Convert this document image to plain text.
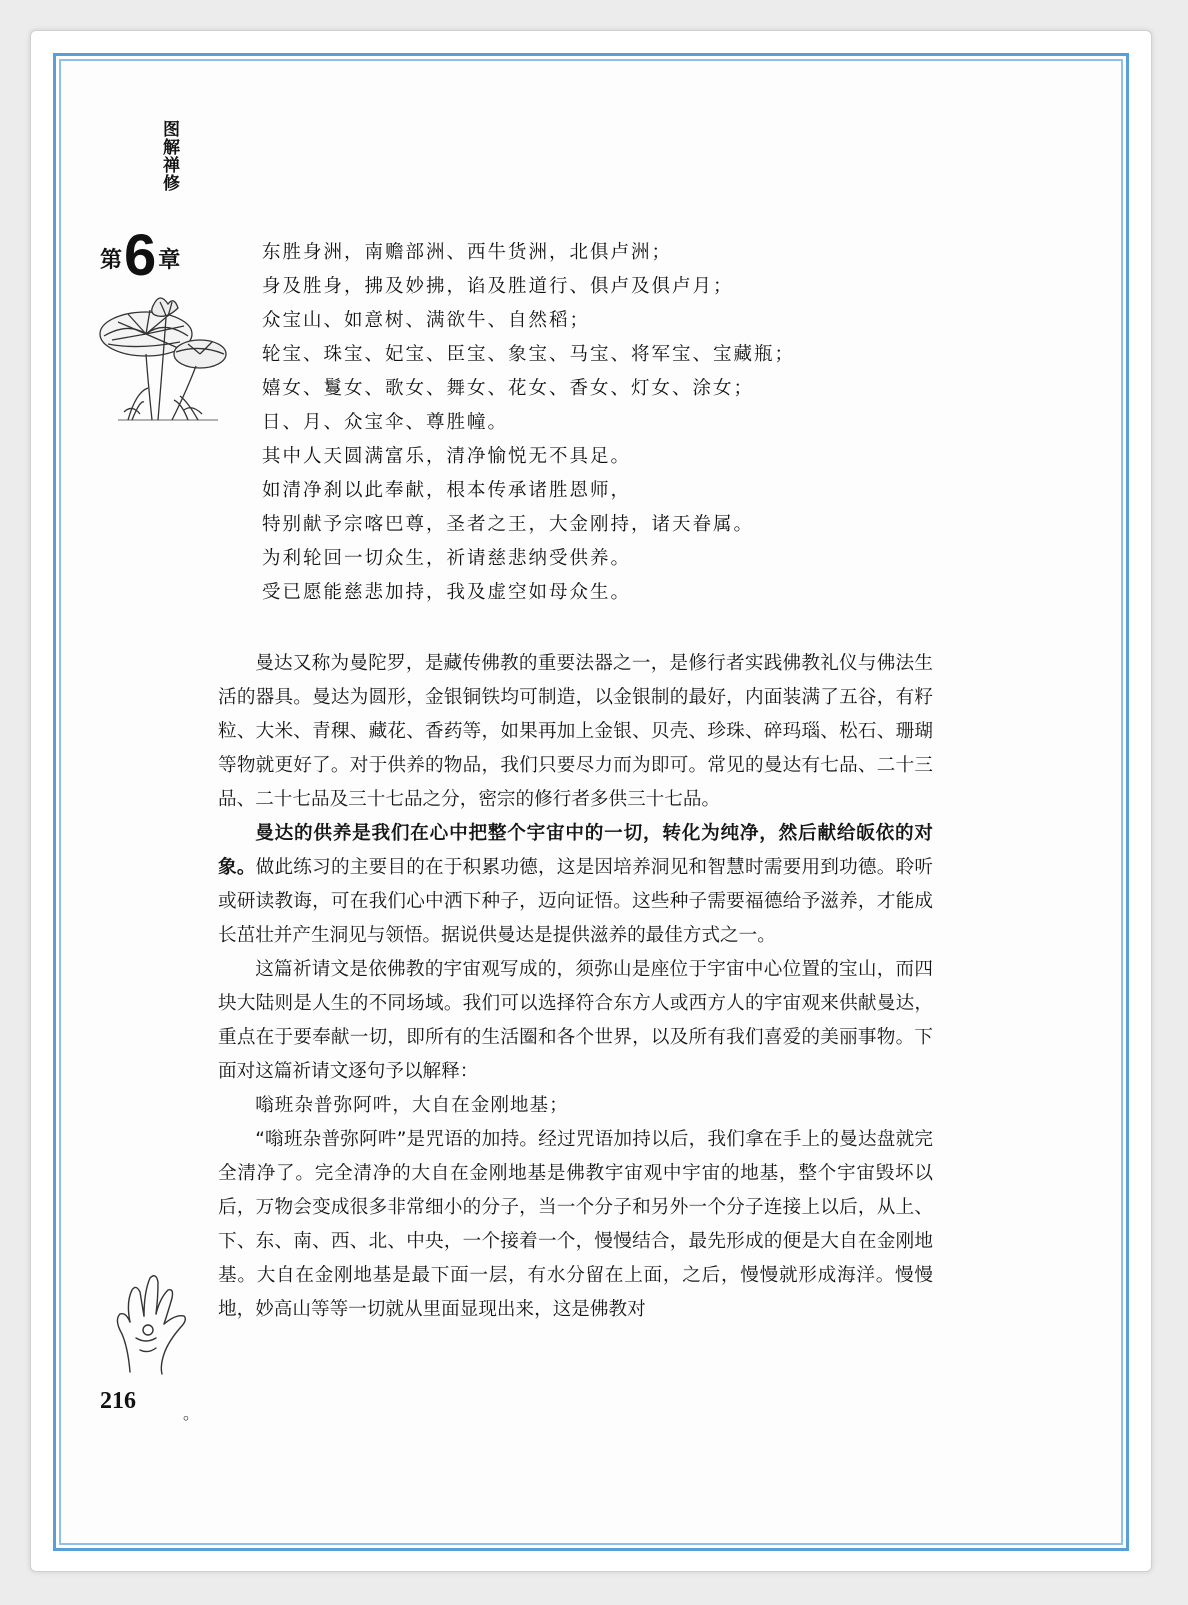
图解禅修
第6章	东胜身洲，南赡部洲、西牛货洲，北俱卢洲；
身及胜身，拂及妙拂，谄及胜道行、俱卢及俱卢月；
众宝山、如意树、满欲牛、自然稻；
轮宝、珠宝、妃宝、臣宝、象宝、马宝、将军宝、宝藏瓶；
嬉女、鬘女、歌女、舞女、花女、香女、灯女、涂女；
日、月、众宝伞、尊胜幢。
其中人天圆满富乐，清净愉悦无不具足。
如清净刹以此奉献，根本传承诸胜恩师，
特别献予宗喀巴尊，圣者之王，大金刚持，诸天眷属。
为利轮回一切众生，祈请慈悲纳受供养。
受已愿能慈悲加持，我及虚空如母众生。

曼达又称为曼陀罗，是藏传佛教的重要法器之一，是修行者实践佛教礼仪与佛法生活的器具。曼达为圆形，金银铜铁均可制造，以金银制的最好，内面装满了五谷，有籽粒、大米、青稞、藏花、香药等，如果再加上金银、贝壳、珍珠、碎玛瑙、松石、珊瑚等物就更好了。对于供养的物品，我们只要尽力而为即可。常见的曼达有七品、二十三品、二十七品及三十七品之分，密宗的修行者多供三十七品。

曼达的供养是我们在心中把整个宇宙中的一切，转化为纯净，然后献给皈依的对象。做此练习的主要目的在于积累功德，这是因培养洞见和智慧时需要用到功德。聆听或研读教诲，可在我们心中洒下种子，迈向证悟。这些种子需要福德给予滋养，才能成长茁壮并产生洞见与领悟。据说供曼达是提供滋养的最佳方式之一。

这篇祈请文是依佛教的宇宙观写成的，须弥山是座位于宇宙中心位置的宝山，而四块大陆则是人生的不同场域。我们可以选择符合东方人或西方人的宇宙观来供献曼达，重点在于要奉献一切，即所有的生活圈和各个世界，以及所有我们喜爱的美丽事物。下面对这篇祈请文逐句予以解释：

嗡班杂普弥阿吽，大自在金刚地基；

“嗡班杂普弥阿吽”是咒语的加持。经过咒语加持以后，我们拿在手上的曼达盘就完全清净了。完全清净的大自在金刚地基是佛教宇宙观中宇宙的地基，整个宇宙毁坏以后，万物会变成很多非常细小的分子，当一个分子和另外一个分子连接上以后，从上、下、东、南、西、北、中央，一个接着一个，慢慢结合，最先形成的便是大自在金刚地基。大自在金刚地基是最下面一层，有水分留在上面，之后，慢慢就形成海洋。慢慢地，妙高山等等一切就从里面显现出来，这是佛教对

216
。
